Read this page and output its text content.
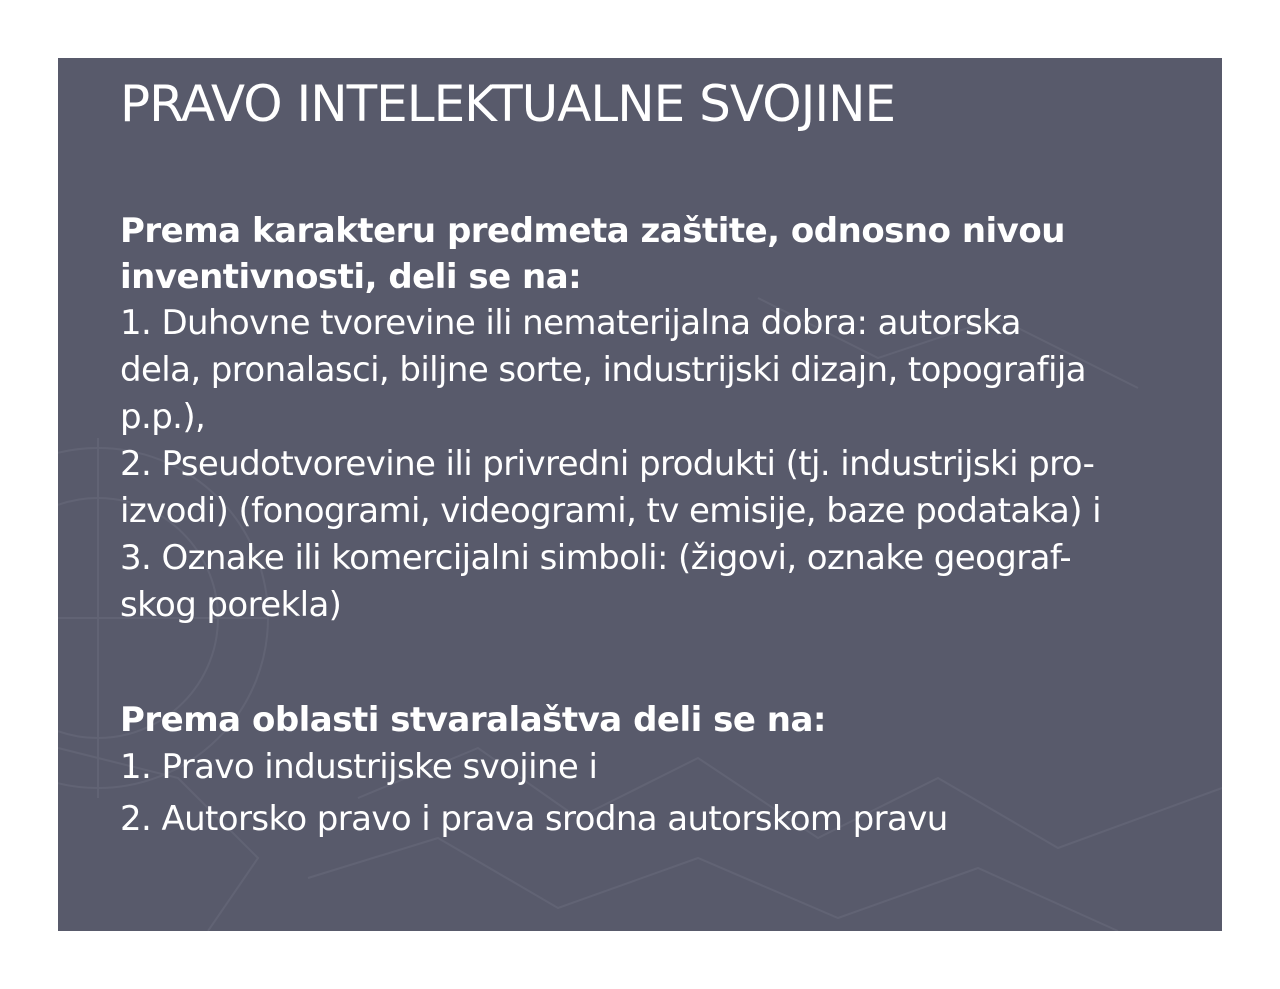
PRAVO INTELEKTUALNE SVOJINE
Prema karakteru predmeta zaštite, odnosno nivou
inventivnosti, deli se na:
1. Duhovne tvorevine ili nematerijalna dobra: autorska
dela, pronalasci, biljne sorte, industrijski dizajn, topografija
p.p.),
2. Pseudotvorevine ili privredni produkti (tj. industrijski pro-
izvodi) (fonogrami, videogrami, tv emisije, baze podataka) i
3. Oznake ili komercijalni simboli: (žigovi, oznake geograf-
skog porekla)
Prema oblasti stvaralaštva deli se na:
1. Pravo industrijske svojine i
2. Autorsko pravo i prava srodna autorskom pravu
